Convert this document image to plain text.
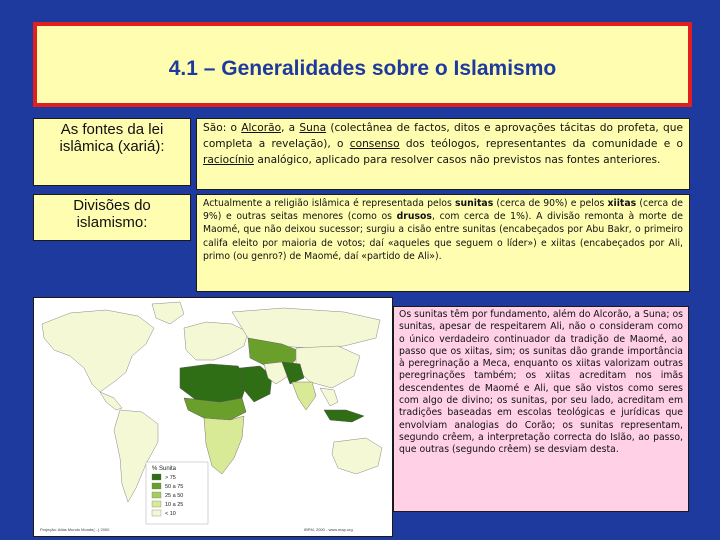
4.1 – Generalidades sobre o Islamismo
As fontes da lei islâmica (xariá):
São: o Alcorão, a Suna (colectânea de factos, ditos e aprovações tácitas do profeta, que completa a revelação), o consenso dos teólogos, representantes da comunidade e o raciocínio analógico, aplicado para resolver casos não previstos nas fontes anteriores.
Divisões do islamismo:
Actualmente a religião islâmica é representada pelos sunitas (cerca de 90%) e pelos xiitas (cerca de 9%) e outras seitas menores (como os drusos, com cerca de 1%). A divisão remonta à morte de Maomé, que não deixou sucessor; surgiu a cisão entre sunitas (encabeçados por Abu Bakr, o primeiro califa eleito por maioria de votos; daí «aqueles que seguem o líder») e xiitas (encabeçados por Ali, primo (ou genro?) de Maomé, daí «partido de Ali»).
% Sunita
> 75
50 a 75
25 a 50
10 a 25
< 10
Projeção: Atlas Mundo Monde(...) 2000	IBPM, 2000 - www.map.org
Os sunitas têm por fundamento, além do Alcorão, a Suna; os sunitas, apesar de respeitarem Ali, não o consideram como o único verdadeiro continuador da tradição de Maomé, ao passo que os xiitas, sim; os sunitas dão grande importância à peregrinação a Meca, enquanto os xiitas valorizam outras peregrinações também; os xiitas acreditam nos imãs descendentes de Maomé e Ali, que são vistos como seres com algo de divino; os sunitas, por seu lado, acreditam em tradições baseadas em escolas teológicas e jurídicas que envolviam analogias do Corão; os sunitas representam, segundo crêem, a interpretação correcta do Islão, ao passo, que outras (segundo crêem) se desviam desta.
